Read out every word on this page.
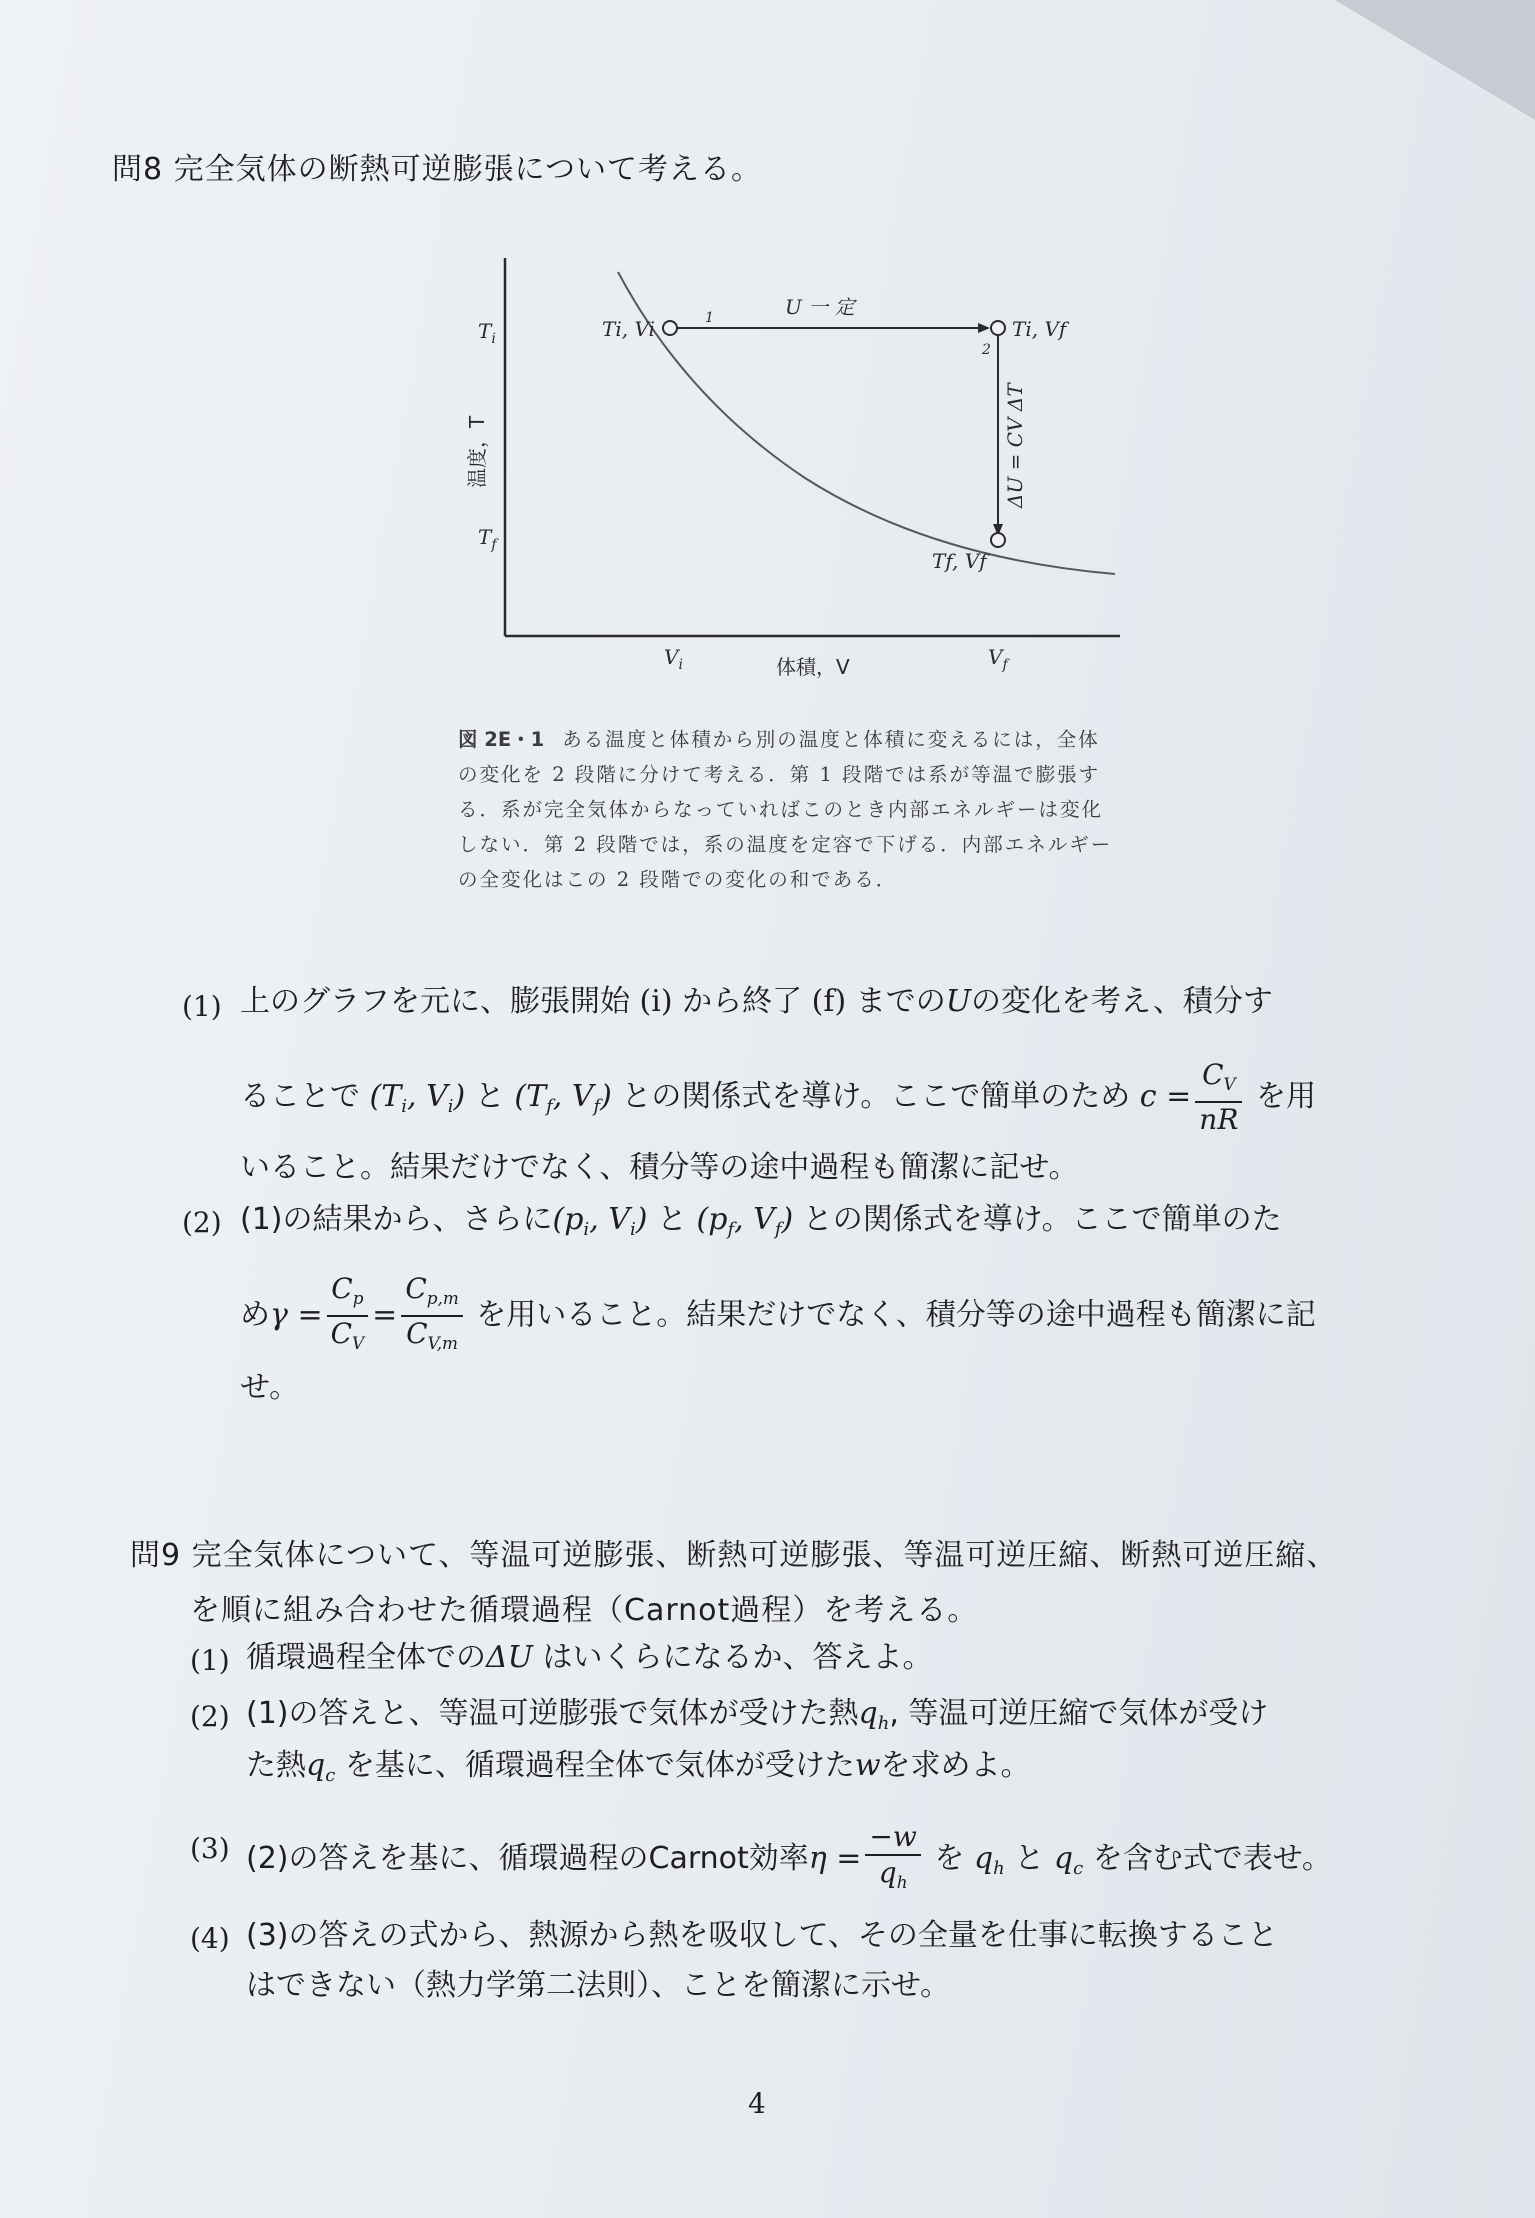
問8 完全気体の断熱可逆膨張について考える。
$T_i$
$T_f$
温度，T
$V_i$	$V_f$
体積，V
U 一 定
1
2
ΔU = CV ΔT
Ti, Vi	Ti, Vf
Tf, Vf
図 2E・1 ある温度と体積から別の温度と体積に変えるには，全体の変化を 2 段階に分けて考える．第 1 段階では系が等温で膨張する．系が完全気体からなっていればこのとき内部エネルギーは変化しない．第 2 段階では，系の温度を定容で下げる．内部エネルギーの全変化はこの 2 段階での変化の和である．
(1) 上のグラフを元に、膨張開始 (i) から終了 (f) までのUの変化を考え、積分す
ることで ($T_i$, $V_i$) と ($T_f$, $V_f$) との関係式を導け。ここで簡単のため $c = \frac{C_V}{nR}$ を用
いること。結果だけでなく、積分等の途中過程も簡潔に記せ。
(2) (1)の結果から、さらに($p_i$, $V_i$) と ($p_f$, $V_f$) との関係式を導け。ここで簡単のた
め$\gamma = \frac{C_p}{C_V} = \frac{C_{p,m}}{C_{V,m}}$ を用いること。結果だけでなく、積分等の途中過程も簡潔に記
せ。
問9 完全気体について、等温可逆膨張、断熱可逆膨張、等温可逆圧縮、断熱可逆圧縮、
を順に組み合わせた循環過程（Carnot過程）を考える。
(1) 循環過程全体でのΔU はいくらになるか、答えよ。
(2) (1)の答えと、等温可逆膨張で気体が受けた熱$q_h$, 等温可逆圧縮で気体が受け
た熱$q_c$ を基に、循環過程全体で気体が受けたwを求めよ。
(3) (2)の答えを基に、循環過程のCarnot効率$\eta = \frac{-w}{q_h}$ を $q_h$ と $q_c$ を含む式で表せ。
(4) (3)の答えの式から、熱源から熱を吸収して、その全量を仕事に転換すること
はできない（熱力学第二法則）、ことを簡潔に示せ。
4
